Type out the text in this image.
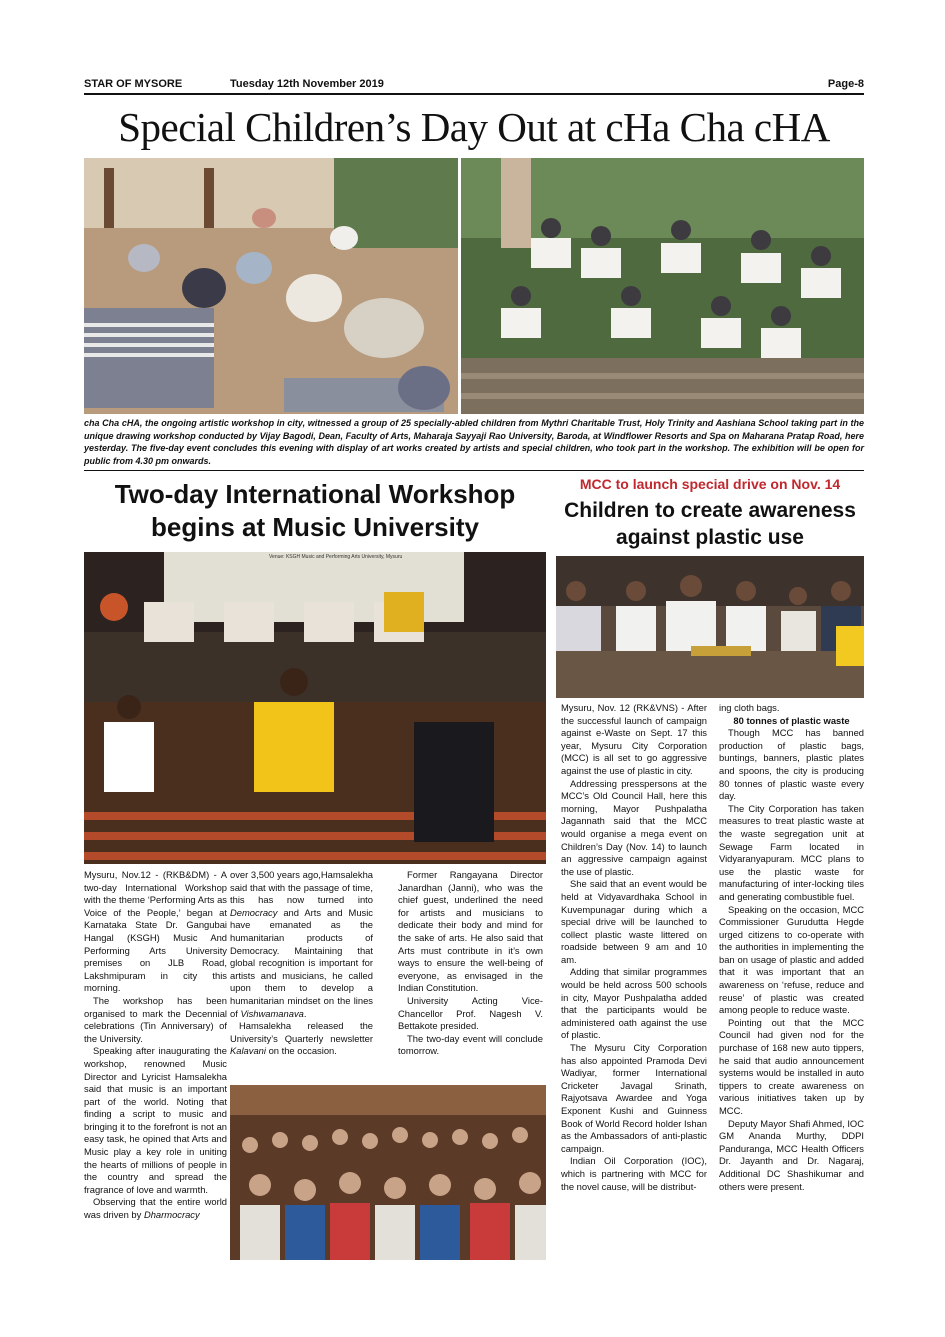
STAR OF MYSORE	Tuesday 12th November 2019	Page-8
Special Children’s Day Out at cHa Cha cHA
cha Cha cHA, the ongoing artistic workshop in city, witnessed a group of 25 specially-abled children from Mythri Charitable Trust, Holy Trinity and Aashiana School taking part in the unique drawing workshop conducted by Vijay Bagodi, Dean, Faculty of Arts, Maharaja Sayyaji Rao University, Baroda, at Windflower Resorts and Spa on Maharana Pratap Road, here yesterday. The five-day event concludes this evening with display of art works created by artists and special children, who took part in the workshop. The exhibition will be open for public from 4.30 pm onwards.
Two-day International Workshop
begins at Music University
MCC to launch special drive on Nov. 14
Children to create awareness
against plastic use
Venue: KSGH Music and Performing Arts University, Mysuru

Mysuru, Nov.12 - (RKB&DM) - A two-day International Workshop with the theme ‘Performing Arts as Voice of the People,’ began at Karnataka State Dr. Gangubai Hangal (KSGH) Music And Performing Arts University premises on JLB Road, Lakshmipuram in city this morning.

The workshop has been organised to mark the Decennial celebrations (Tin Anniversary) of the University.

Speaking after inaugurating the workshop, renowned Music Director and Lyricist Hamsalekha said that music is an important part of the world. Noting that finding a script to music and bringing it to the forefront is not an easy task, he opined that Arts and Music play a key role in uniting the hearts of millions of people in the country and spread the fragrance of love and warmth.

Observing that the entire world was driven by Dharmocracy

over 3,500 years ago,Hamsalekha said that with the passage of time, this has now turned into Democracy and Arts and Music have emanated as the humanitarian products of Democracy. Maintaining that global recognition is important for artists and musicians, he called upon them to develop a humanitarian mindset on the lines of Vishwamanava.

Hamsalekha released the University’s Quarterly newsletter Kalavani on the occasion.

Former Rangayana Director Janardhan (Janni), who was the chief guest, underlined the need for artists and musicians to dedicate their body and mind for the sake of arts. He also said that Arts must contribute in it’s own ways to ensure the well-being of everyone, as envisaged in the Indian Constitution.

University Acting Vice-Chancellor Prof. Nagesh V. Bettakote presided.

The two-day event will conclude tomorrow.

Mysuru, Nov. 12 (RK&VNS) - After the successful launch of campaign against e-Waste on Sept. 17 this year, Mysuru City Corporation (MCC) is all set to go aggressive against the use of plastic in city.

Addressing presspersons at the MCC’s Old Council Hall, here this morning, Mayor Pushpalatha Jagannath said that the MCC would organise a mega event on Children’s Day (Nov. 14) to launch an aggressive campaign against the use of plastic.

She said that an event would be held at Vidyavardhaka School in Kuvempunagar during which a special drive will be launched to collect plastic waste littered on roadside between 9 am and 10 am.

Adding that similar programmes would be held across 500 schools in city, Mayor Pushpalatha added that the participants would be administered oath against the use of plastic.

The Mysuru City Corporation has also appointed Pramoda Devi Wadiyar, former International Cricketer Javagal Srinath, Rajyotsava Awardee and Yoga Exponent Kushi and Guinness Book of World Record holder Ishan as the Ambassadors of anti-plastic campaign.

Indian Oil Corporation (IOC), which is partnering with MCC for the novel cause, will be distribut-

ing cloth bags.

80 tonnes of plastic waste

Though MCC has banned production of plastic bags, buntings, banners, plastic plates and spoons, the city is producing 80 tonnes of plastic waste every day.

The City Corporation has taken measures to treat plastic waste at the waste segregation unit at Sewage Farm located in Vidyaranyapuram. MCC plans to use the plastic waste for manufacturing of inter-locking tiles and generating combustible fuel.

Speaking on the occasion, MCC Commissioner Gurudutta Hegde urged citizens to co-operate with the authorities in implementing the ban on usage of plastic and added that it was important that an awareness on ‘refuse, reduce and reuse’ of plastic was created among people to reduce waste.

Pointing out that the MCC Council had given nod for the purchase of 168 new auto tippers, he said that audio announcement systems would be installed in auto tippers to create awareness on various initiatives taken up by MCC.

Deputy Mayor Shafi Ahmed, IOC GM Ananda Murthy, DDPI Panduranga, MCC Health Officers Dr. Jayanth and Dr. Nagaraj, Additional DC Shashikumar and others were present.
